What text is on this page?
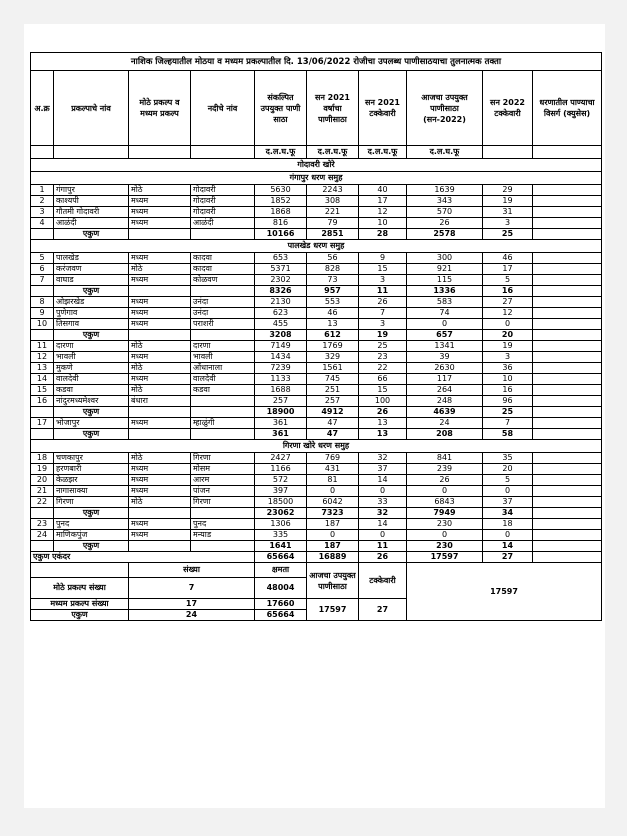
नाशिक जिल्हयातील मोठया व मध्यम प्रकल्पातील दि. 13/06/2022 रोजीचा उपलब्ध पाणीसाठयाचा तुलनात्मक तक्ता									
अ.क्र	प्रकल्पाचे नांव	मोठे प्रकल्प व मध्यम प्रकल्प	नदीचे नांव	संकल्पित उपयुक्त पाणी साठा	सन 2021 वर्षाचा पाणीसाठा	सन 2021 टक्केवारी	आजचा उपयुक्त पाणीसाठा (सन-2022)	सन 2022 टक्केवारी	धरणातील पाण्याचा विसर्ग (क्युसेस)
				द.ल.घ.फू	द.ल.घ.फू	द.ल.घ.फू	द.ल.घ.फू		
गोदावरी खोरे									
गंगापुर धरण समुह									
1	गंगापुर	मोठे	गोदावरी	5630	2243	40	1639	29	
2	काश्यपी	मध्यम	गोदावरी	1852	308	17	343	19	
3	गौतमी गोदावरी	मध्यम	गोदावरी	1868	221	12	570	31	
4	आळंदी	मध्यम	आळंदी	816	79	10	26	3	
	एकुण			10166	2851	28	2578	25	
पालखेड धरण समुह									
5	पालखेड	मध्यम	कादवा	653	56	9	300	46	
6	करंजवण	मोठे	कादवा	5371	828	15	921	17	
7	वाघाड	मध्यम	कोळवण	2302	73	3	115	5	
	एकुण			8326	957	11	1336	16	
8	ओझरखेड	मध्यम	उनंदा	2130	553	26	583	27	
9	पुणेगाव	मध्यम	उनंदा	623	46	7	74	12	
10	तिसगाव	मध्यम	पराशरी	455	13	3	0	0	
	एकुण			3208	612	19	657	20	
11	दारणा	मोठे	दारणा	7149	1769	25	1341	19	
12	भावली	मध्यम	भावली	1434	329	23	39	3	
13	मुकणे	मोठे	ओंधानाला	7239	1561	22	2630	36	
14	वालदेवी	मध्यम	वालदेवी	1133	745	66	117	10	
15	कडवा	मोठे	कडवा	1688	251	15	264	16	
16	नांदुरमध्यमेश्वर	बंधारा		257	257	100	248	96	
	एकुण			18900	4912	26	4639	25	
17	भोजापुर	मध्यम	म्हाळुंगी	361	47	13	24	7	
	एकुण			361	47	13	208	58	
गिरणा खोरे धरण समुह									
18	चणकापुर	मोठे	गिरणा	2427	769	32	841	35	
19	हरणबारी	मध्यम	मोसम	1166	431	37	239	20	
20	केळझर	मध्यम	आरम	572	81	14	26	5	
21	नागासाक्या	मध्यम	पांजन	397	0	0	0	0	
22	गिरणा	मोठे	गिरणा	18500	6042	33	6843	37	
	एकुण			23062	7323	32	7949	34	
23	पुनद	मध्यम	पुनद	1306	187	14	230	18	
24	माणिकपुंज	मध्यम	मन्याड	335	0	0	0	0	
	एकुण			1641	187	11	230	14	
एकुण एकंदर				65664	16889	26	17597	27	
		संख्या		क्षमता	आजचा उपयुक्त पाणीसाठा	टक्केवारी	17597		
मोठे प्रकल्प संख्या		7		48004					
मध्यम प्रकल्प संख्या		17		17660	17597	27			
एकुण		24		65664					
